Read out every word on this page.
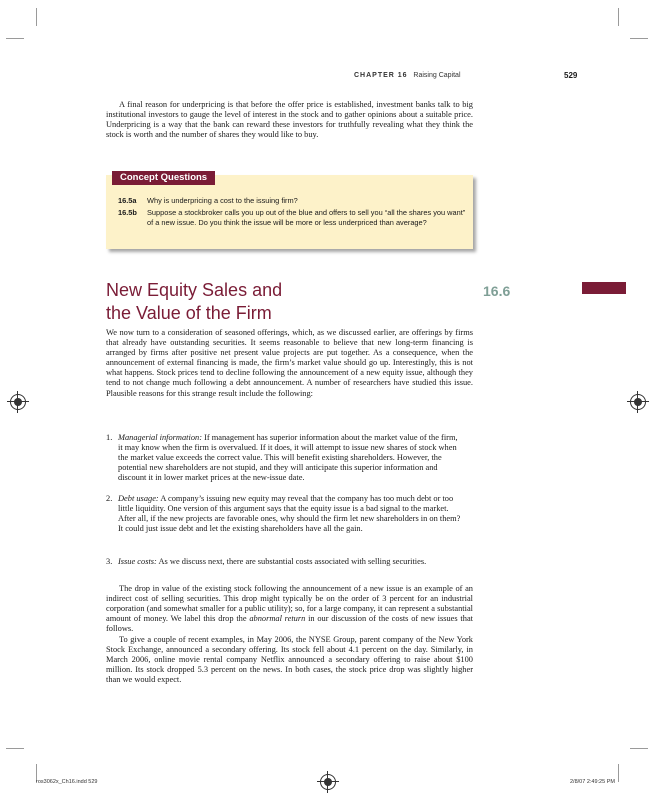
CHAPTER 16 Raising Capital	529
A final reason for underpricing is that before the offer price is established, investment banks talk to big institutional investors to gauge the level of interest in the stock and to gather opinions about a suitable price. Underpricing is a way that the bank can reward these investors for truthfully revealing what they think the stock is worth and the number of shares they would like to buy.
Concept Questions
16.5a Why is underpricing a cost to the issuing firm?
16.5b Suppose a stockbroker calls you up out of the blue and offers to sell you “all the shares you want” of a new issue. Do you think the issue will be more or less underpriced than average?
New Equity Sales and
the Value of the Firm
16.6
We now turn to a consideration of seasoned offerings, which, as we discussed earlier, are offerings by firms that already have outstanding securities. It seems reasonable to believe that new long-term financing is arranged by firms after positive net present value projects are put together. As a consequence, when the announcement of external financing is made, the firm’s market value should go up. Interestingly, this is not what happens. Stock prices tend to decline following the announcement of a new equity issue, although they tend to not change much following a debt announcement. A number of researchers have studied this issue. Plausible reasons for this strange result include the following:
1. Managerial information: If management has superior information about the market value of the firm, it may know when the firm is overvalued. If it does, it will attempt to issue new shares of stock when the market value exceeds the correct value. This will benefit existing shareholders. However, the potential new shareholders are not stupid, and they will anticipate this superior information and discount it in lower market prices at the new-issue date.
2. Debt usage: A company’s issuing new equity may reveal that the company has too much debt or too little liquidity. One version of this argument says that the equity issue is a bad signal to the market. After all, if the new projects are favorable ones, why should the firm let new shareholders in on them? It could just issue debt and let the existing shareholders have all the gain.
3. Issue costs: As we discuss next, there are substantial costs associated with selling securities.
The drop in value of the existing stock following the announcement of a new issue is an example of an indirect cost of selling securities. This drop might typically be on the order of 3 percent for an industrial corporation (and somewhat smaller for a public utility); so, for a large company, it can represent a substantial amount of money. We label this drop the abnormal return in our discussion of the costs of new issues that follows.
To give a couple of recent examples, in May 2006, the NYSE Group, parent company of the New York Stock Exchange, announced a secondary offering. Its stock fell about 4.1 percent on the day. Similarly, in March 2006, online movie rental company Netflix announced a secondary offering to raise about $100 million. Its stock dropped 5.3 percent on the news. In both cases, the stock price drop was slightly higher than we would expect.
ros3062x_Ch16.indd 529	2/8/07 2:49:25 PM
